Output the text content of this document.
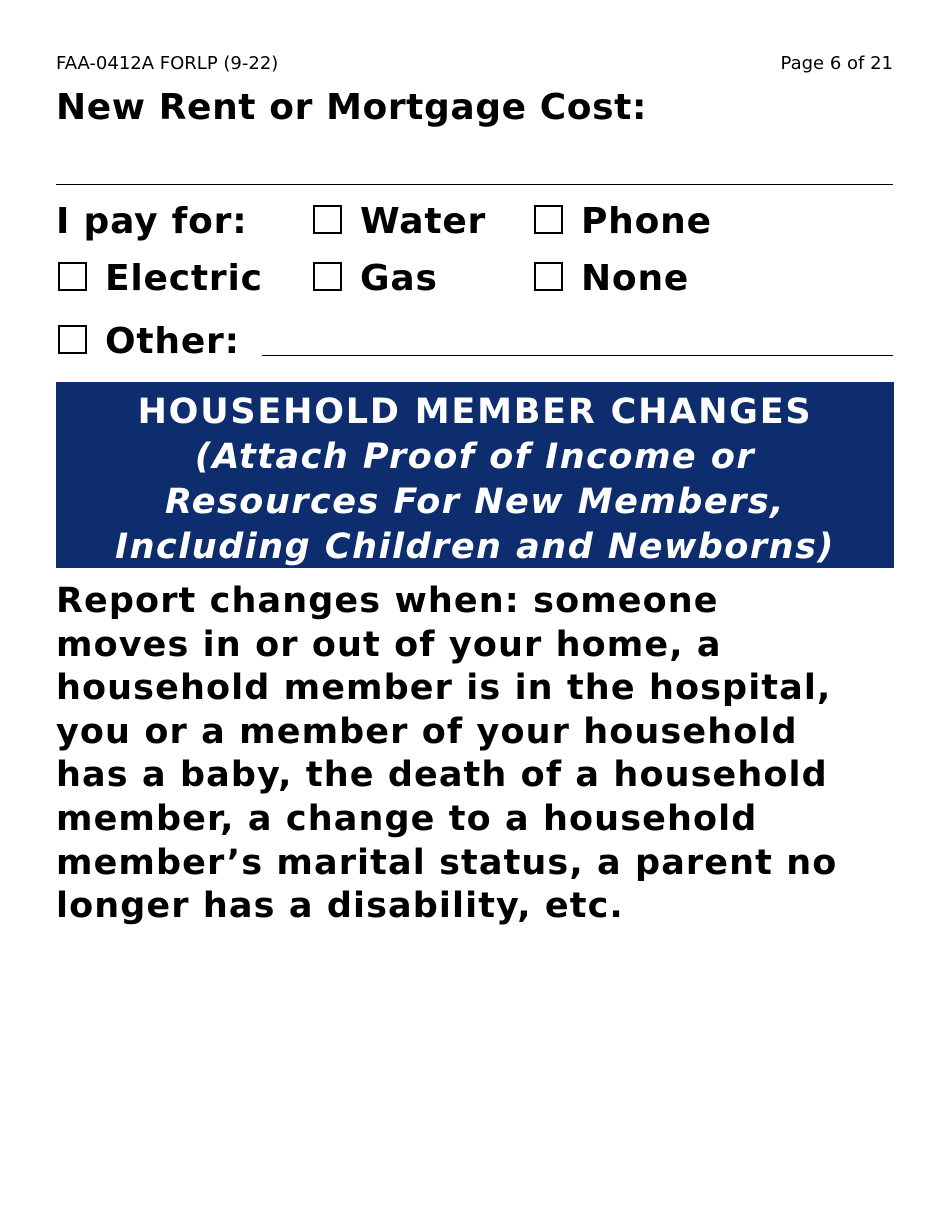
FAA-0412A FORLP (9-22)	Page 6 of 21
New Rent or Mortgage Cost:
I pay for:	Water	Phone
Electric	Gas	None
Other:
HOUSEHOLD MEMBER CHANGES
(Attach Proof of Income or
Resources For New Members,
Including Children and Newborns)
Report changes when: someone
moves in or out of your home, a
household member is in the hospital,
you or a member of your household
has a baby, the death of a household
member, a change to a household
member’s marital status, a parent no
longer has a disability, etc.
